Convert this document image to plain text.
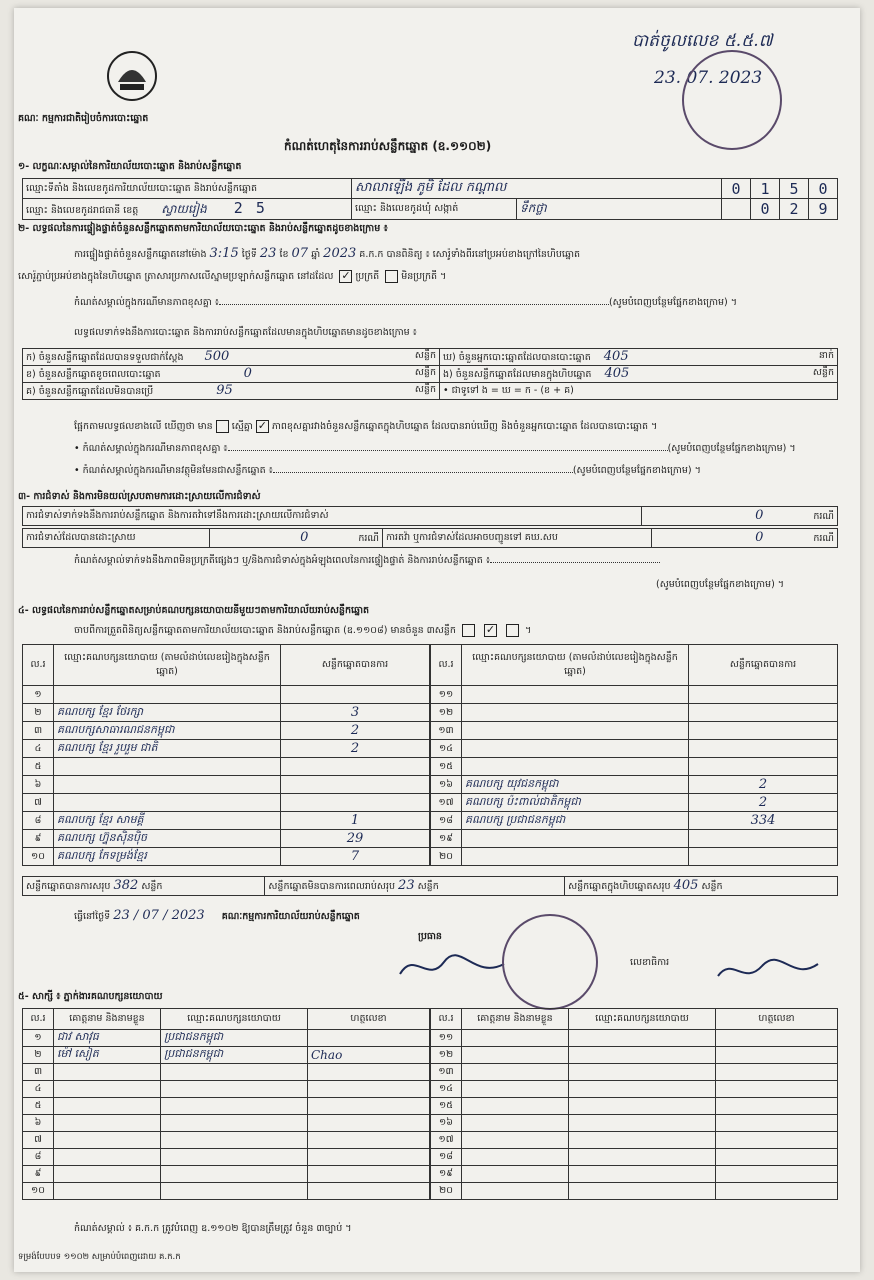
គណៈ កម្មការជាតិរៀបចំការបោះឆ្នោត
បាត់ចូលលេខ ៥.៥.៧
23. 07. 2023
កំណត់ហេតុនៃការរាប់សន្លឹកឆ្នោត (ឧ.១១០២)
១- លក្ខណៈសម្គាល់នៃការិយាល័យបោះឆ្នោត និងរាប់សន្លឹកឆ្នោត
ឈ្មោះទីតាំង និងលេខកូដការិយាល័យបោះឆ្នោត និងរាប់សន្លឹកឆ្នោត	សាលាឡើង ភូមិ ដែល កណ្ដាល		0	1	5	0
ឈ្មោះ និងលេខកូដរាជធានី ខេត្ត ស្វាយរៀង 2 5	ឈ្មោះ និងលេខកូដឃុំ សង្កាត់	ទឹកថ្លា		0	2	9
២- លទ្ធផលនៃការផ្ទៀងផ្ទាត់ចំនួនសន្លឹកឆ្នោតតាមការិយាល័យបោះឆ្នោត និងរាប់សន្លឹកឆ្នោតដូចខាងក្រោម ៖
ការផ្ទៀងផ្ទាត់ចំនួនសន្លឹកឆ្នោតនៅម៉ោង 3:15 ថ្ងៃទី 23 ខែ 07 ឆ្នាំ 2023 គ.ក.ក បានពិនិត្យ ៖ សោរ៉ូទាំងពីរនៅប្រអប់ខាងក្រៅនៃហិបឆ្នោត
សោរ៉ូភ្ជាប់ប្រអប់ខាងក្នុងនៃហិបឆ្នោត ត្រាសារប្រកាសលើស្នាមប្រឡាក់សន្លឹកឆ្នោត នៅដដែល ✓ ប្រក្រតី មិនប្រក្រតី ។
កំណត់សម្គាល់ក្នុងករណីមានភាពខុសគ្នា ៖	(សូមបំពេញបន្ថែមផ្នែកខាងក្រោម) ។
លទ្ធផលទាក់ទងនឹងការបោះឆ្នោត និងការរាប់សន្លឹកឆ្នោតដែលមានក្នុងហិបឆ្នោតមានដូចខាងក្រោម ៖
ក) ចំនួនសន្លឹកឆ្នោតដែលបានទទួលជាក់ស្តែង 500 សន្លឹក	ឃ) ចំនួនអ្នកបោះឆ្នោតដែលបានបោះឆ្នោត 405 នាក់

ខ) ចំនួនសន្លឹកឆ្នោតខូចពេលបោះឆ្នោត 0 សន្លឹក	ង) ចំនួនសន្លឹកឆ្នោតដែលមានក្នុងហិបឆ្នោត 405 សន្លឹក

គ) ចំនួនសន្លឹកឆ្នោតដែលមិនបានប្រើ 95 សន្លឹក	• ជាទូទៅ ង = ឃ = ក - (ខ + គ)
ផ្អែកតាមលទ្ធផលខាងលើ ឃើញថា មាន ស្មើគ្នា ✓ ភាពខុសគ្នារវាងចំនួនសន្លឹកឆ្នោតក្នុងហិបឆ្នោត ដែលបានរាប់ឃើញ និងចំនួនអ្នកបោះឆ្នោត ដែលបានបោះឆ្នោត ។
• កំណត់សម្គាល់ក្នុងករណីមានភាពខុសគ្នា ៖	(សូមបំពេញបន្ថែមផ្នែកខាងក្រោម) ។
• កំណត់សម្គាល់ក្នុងករណីមានវត្ថុមិនមែនជាសន្លឹកឆ្នោត ៖	(សូមបំពេញបន្ថែមផ្នែកខាងក្រោម) ។
៣- ការជំទាស់ និងការមិនយល់ស្របតាមការដោះស្រាយលើការជំទាស់
ការជំទាស់ទាក់ទងនឹងការរាប់សន្លឹកឆ្នោត និងការតវ៉ាទៅនឹងការដោះស្រាយលើការជំទាស់	0	ករណី
ការជំទាស់ដែលបានដោះស្រាយ	0	ករណី	ការតវ៉ា ឬការជំទាស់ដែលអាចបញ្ជូនទៅ គឃ.សប	0	ករណី
កំណត់សម្គាល់ទាក់ទងនឹងភាពមិនប្រក្រតីផ្សេងៗ ឬ/និងការជំទាស់ក្នុងអំឡុងពេលនៃការផ្ទៀងផ្ទាត់ និងការរាប់សន្លឹកឆ្នោត ៖
(សូមបំពេញបន្ថែមផ្នែកខាងក្រោម) ។
៤- លទ្ធផលនៃការរាប់សន្លឹកឆ្នោតសម្រាប់គណបក្សនយោបាយនីមួយៗតាមការិយាល័យរាប់សន្លឹកឆ្នោត
ចាបពីការត្រួតពិនិត្យសន្លឹកឆ្នោតតាមការិយាល័យបោះឆ្នោត និងរាប់សន្លឹកឆ្នោត (ឧ.១១០៨) មានចំនួន ៣សន្លឹក	✓	។
ល.រ	ឈ្មោះគណបក្សនយោបាយ (តាមលំដាប់លេខរៀងក្នុងសន្លឹកឆ្នោត)	សន្លឹកឆ្នោតបានការ
១		
២	គណបក្ស ខ្មែរ ថែរក្សា	3
៣	គណបក្សសាធារណជនកម្ពុជា	2
៤	គណបក្ស ខ្មែរ រួបរួម ជាតិ	2
៥		
៦		
៧		
៨	គណបក្ស ខ្មែរ សាមគ្គី	1
៩	គណបក្ស ហ្វ៊ុនស៊ិនប៉ិច	29
១០	គណបក្ស កែទម្រង់ខ្មែរ	7
ល.រ	ឈ្មោះគណបក្សនយោបាយ (តាមលំដាប់លេខរៀងក្នុងសន្លឹកឆ្នោត)	សន្លឹកឆ្នោតបានការ
១១		
១២		
១៣		
១៤		
១៥		
១៦	គណបក្ស យុវជនកម្ពុជា	2
១៧	គណបក្ស ប៉ះពាល់ជាតិកម្ពុជា	2
១៨	គណបក្ស ប្រជាជនកម្ពុជា	334
១៩		
២០		
សន្លឹកឆ្នោតបានការសរុប 382 សន្លឹក	សន្លឹកឆ្នោតមិនបានការពេលរាប់សរុប 23 សន្លឹក	សន្លឹកឆ្នោតក្នុងហិបឆ្នោតសរុប 405 សន្លឹក
ធ្វើនៅថ្ងៃទី 23 / 07 / 2023 គណៈកម្មការការិយាល័យរាប់សន្លឹកឆ្នោត
ប្រធាន
លេខាធិការ
៥- សាក្សី ៖ ភ្នាក់ងារគណបក្សនយោបាយ
ល.រ	គោត្តនាម និងនាមខ្លួន	ឈ្មោះគណបក្សនយោបាយ	ហត្ថលេខា
១	ជាវ សាវុធ	ប្រជាជនកម្ពុជា	
២	ម៉ៅ សៀត	ប្រជាជនកម្ពុជា	Chao
៣			
៤			
៥			
៦			
៧			
៨			
៩			
១០			
ល.រ	គោត្តនាម និងនាមខ្លួន	ឈ្មោះគណបក្សនយោបាយ	ហត្ថលេខា
១១			
១២			
១៣			
១៤			
១៥			
១៦			
១៧			
១៨			
១៩			
២០			
កំណត់សម្គាល់ ៖ គ.ក.ក ត្រូវបំពេញ ឧ.១១០២ ឱ្យបានត្រឹមត្រូវ ចំនួន ៣ច្បាប់ ។
ទម្រង់បែបបទ ១១០២ សម្រាប់បំពេញដោយ គ.ក.ក
